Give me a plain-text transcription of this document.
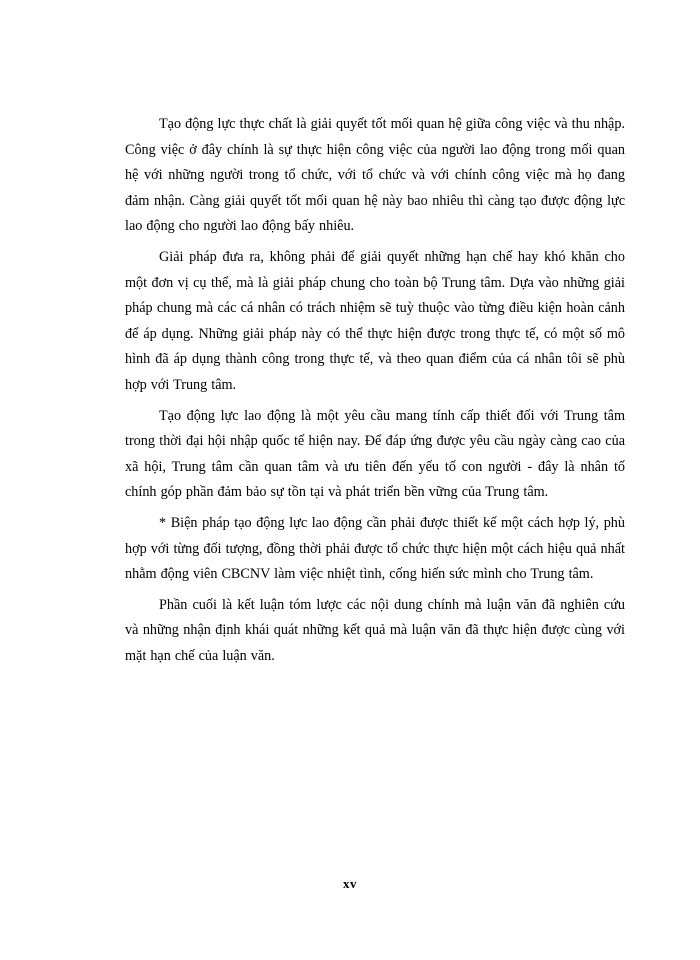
Tạo động lực thực chất là giải quyết tốt mối quan hệ giữa công việc và thu nhập. Công việc ở đây chính là sự thực hiện công việc của người lao động trong mối quan hệ với những người trong tổ chức, với tổ chức và với chính công việc mà họ đang đảm nhận. Càng giải quyết tốt mối quan hệ này bao nhiêu thì càng tạo được động lực lao động cho người lao động bấy nhiêu.

Giải pháp đưa ra, không phải để giải quyết những hạn chế hay khó khăn cho một đơn vị cụ thể, mà là giải pháp chung cho toàn bộ Trung tâm. Dựa vào những giải pháp chung mà các cá nhân có trách nhiệm sẽ tuỳ thuộc vào từng điều kiện hoàn cảnh để áp dụng. Những giải pháp này có thể thực hiện được trong thực tế, có một số mô hình đã áp dụng thành công trong thực tế, và theo quan điểm của cá nhân tôi sẽ phù hợp với Trung tâm.

Tạo động lực lao động là một yêu cầu mang tính cấp thiết đối với Trung tâm trong thời đại hội nhập quốc tế hiện nay. Để đáp ứng được yêu cầu ngày càng cao của xã hội, Trung tâm cần quan tâm và ưu tiên đến yếu tố con người - đây là nhân tố chính góp phần đảm bảo sự tồn tại và phát triển bền vững của Trung tâm.

* Biện pháp tạo động lực lao động cần phải được thiết kế một cách hợp lý, phù hợp với từng đối tượng, đồng thời phải được tổ chức thực hiện một cách hiệu quả nhất nhằm động viên CBCNV làm việc nhiệt tình, cống hiến sức mình cho Trung tâm.

Phần cuối là kết luận tóm lược các nội dung chính mà luận văn đã nghiên cứu và những nhận định khái quát những kết quả mà luận văn đã thực hiện được cùng với mặt hạn chế của luận văn.

xv
